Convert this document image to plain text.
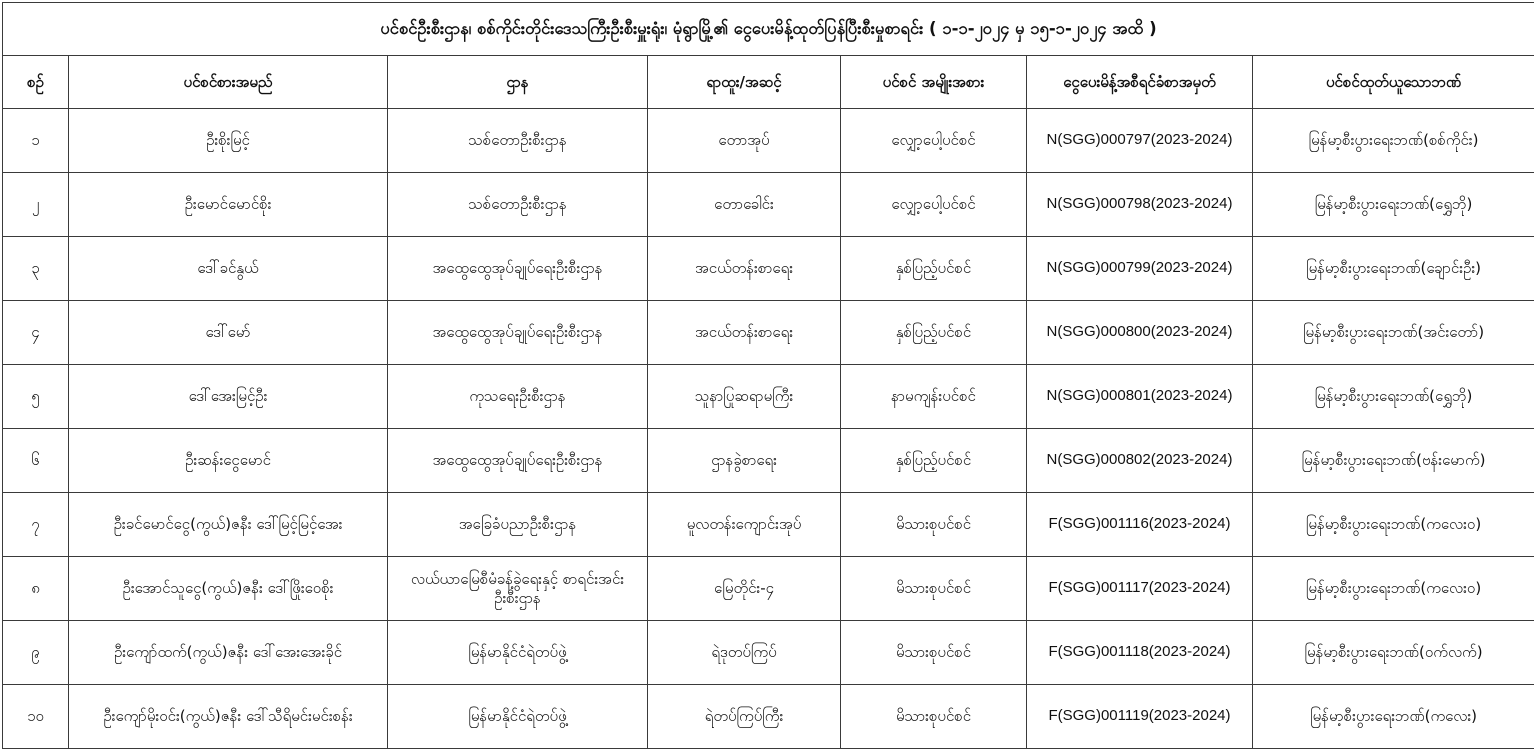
ပင်စင်ဦးစီးဌာန၊ စစ်ကိုင်းတိုင်းဒေသကြီးဦးစီးမှူးရုံး၊ မုံရွာမြို့၏ ငွေပေးမိန့်ထုတ်ပြန်ပြီးစီးမှုစာရင်း ( ၁-၁-၂၀၂၄ မှ ၁၅-၁-၂၀၂၄ အထိ )						
စဉ်	ပင်စင်စားအမည်	ဌာန	ရာထူး/အဆင့်	ပင်စင် အမျိုးအစား	ငွေပေးမိန့်အစီရင်ခံစာအမှတ်	ပင်စင်ထုတ်ယူသောဘဏ်
၁	ဦးစိုးမြင့်	သစ်တောဦးစီးဌာန	တောအုပ်	လျှော့ပေါ့ပင်စင်	N(SGG)000797(2023-2024)	မြန်မာ့စီးပွားရေးဘဏ်(စစ်ကိုင်း)
၂	ဦးမောင်မောင်စိုး	သစ်တောဦးစီးဌာန	တောခေါင်း	လျှော့ပေါ့ပင်စင်	N(SGG)000798(2023-2024)	မြန်မာ့စီးပွားရေးဘဏ်(ရွှေဘို)
၃	ဒေါ်ခင်နွယ်	အထွေထွေအုပ်ချုပ်ရေးဦးစီးဌာန	အငယ်တန်းစာရေး	နှစ်ပြည့်ပင်စင်	N(SGG)000799(2023-2024)	မြန်မာ့စီးပွားရေးဘဏ်(ချောင်းဦး)
၄	ဒေါ်မော်	အထွေထွေအုပ်ချုပ်ရေးဦးစီးဌာန	အငယ်တန်းစာရေး	နှစ်ပြည့်ပင်စင်	N(SGG)000800(2023-2024)	မြန်မာ့စီးပွားရေးဘဏ်(အင်းတော်)
၅	ဒေါ်အေးမြင့်ဦး	ကုသရေးဦးစီးဌာန	သူနာပြုဆရာမကြီး	နာမကျန်းပင်စင်	N(SGG)000801(2023-2024)	မြန်မာ့စီးပွားရေးဘဏ်(ရွှေဘို)
၆	ဦးဆန်းငွေမောင်	အထွေထွေအုပ်ချုပ်ရေးဦးစီးဌာန	ဌာနခွဲစာရေး	နှစ်ပြည့်ပင်စင်	N(SGG)000802(2023-2024)	မြန်မာ့စီးပွားရေးဘဏ်(ဗန်းမောက်)
၇	ဦးခင်မောင်ငွေ(ကွယ်)ဇနီး ဒေါ်မြင့်မြင့်အေး	အခြေခံပညာဦးစီးဌာန	မူလတန်းကျောင်းအုပ်	မိသားစုပင်စင်	F(SGG)001116(2023-2024)	မြန်မာ့စီးပွားရေးဘဏ်(ကလေးဝ)
၈	ဦးအောင်သူငွေ(ကွယ်)ဇနီး ဒေါ်ဖြိုးဝေစိုး	လယ်ယာမြေစီမံခန့်ခွဲရေးနှင့် စာရင်းအင်းဦးစီးဌာန	မြေတိုင်း-၄	မိသားစုပင်စင်	F(SGG)001117(2023-2024)	မြန်မာ့စီးပွားရေးဘဏ်(ကလေးဝ)
၉	ဦးကျော်ထက်(ကွယ်)ဇနီး ဒေါ်အေးအေးခိုင်	မြန်မာနိုင်ငံရဲတပ်ဖွဲ့	ရဲဒုတပ်ကြပ်	မိသားစုပင်စင်	F(SGG)001118(2023-2024)	မြန်မာ့စီးပွားရေးဘဏ်(ဝက်လက်)
၁၀	ဦးကျော်မိုးဝင်း(ကွယ်)ဇနီး ဒေါ်သီရိမင်းမင်းစန်း	မြန်မာနိုင်ငံရဲတပ်ဖွဲ့	ရဲတပ်ကြပ်ကြီး	မိသားစုပင်စင်	F(SGG)001119(2023-2024)	မြန်မာ့စီးပွားရေးဘဏ်(ကလေး)
